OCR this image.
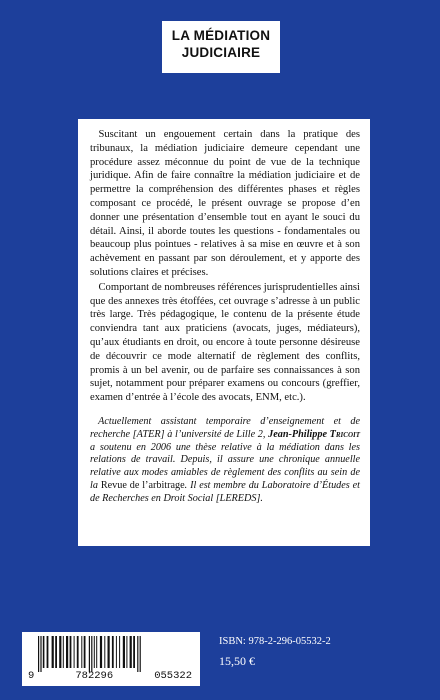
LA MÉDIATION
JUDICIAIRE

Suscitant un engouement certain dans la pratique des tribunaux, la médiation judiciaire demeure cependant une procédure assez méconnue du point de vue de la technique juridique. Afin de faire connaître la médiation judiciaire et de permettre la compréhension des différentes phases et règles composant ce procédé, le présent ouvrage se propose d’en donner une présentation d’ensemble tout en ayant le souci du détail. Ainsi, il aborde toutes les questions - fondamentales ou beaucoup plus pointues - relatives à sa mise en œuvre et à son achèvement en passant par son déroulement, et y apporte des solutions claires et précises.

Comportant de nombreuses références jurisprudentielles ainsi que des annexes très étoffées, cet ouvrage s’adresse à un public très large. Très pédagogique, le contenu de la présente étude conviendra tant aux praticiens (avocats, juges, médiateurs), qu’aux étudiants en droit, ou encore à toute personne désireuse de découvrir ce mode alternatif de règlement des conflits, promis à un bel avenir, ou de parfaire ses connaissances à son sujet, notamment pour préparer examens ou concours (greffier, examen d’entrée à l’école des avocats, ENM, etc.).

Actuellement assistant temporaire d’enseignement et de recherche [ATER] à l’université de Lille 2, Jean-Philippe Tricoit a soutenu en 2006 une thèse relative à la médiation dans les relations de travail. Depuis, il assure une chronique annuelle relative aux modes amiables de règlement des conflits au sein de la Revue de l’arbitrage. Il est membre du Laboratoire d’Études et de Recherches en Droit Social [LEREDS].

9	782296	055322
ISBN: 978-2-296-05532-2
15,50 €
